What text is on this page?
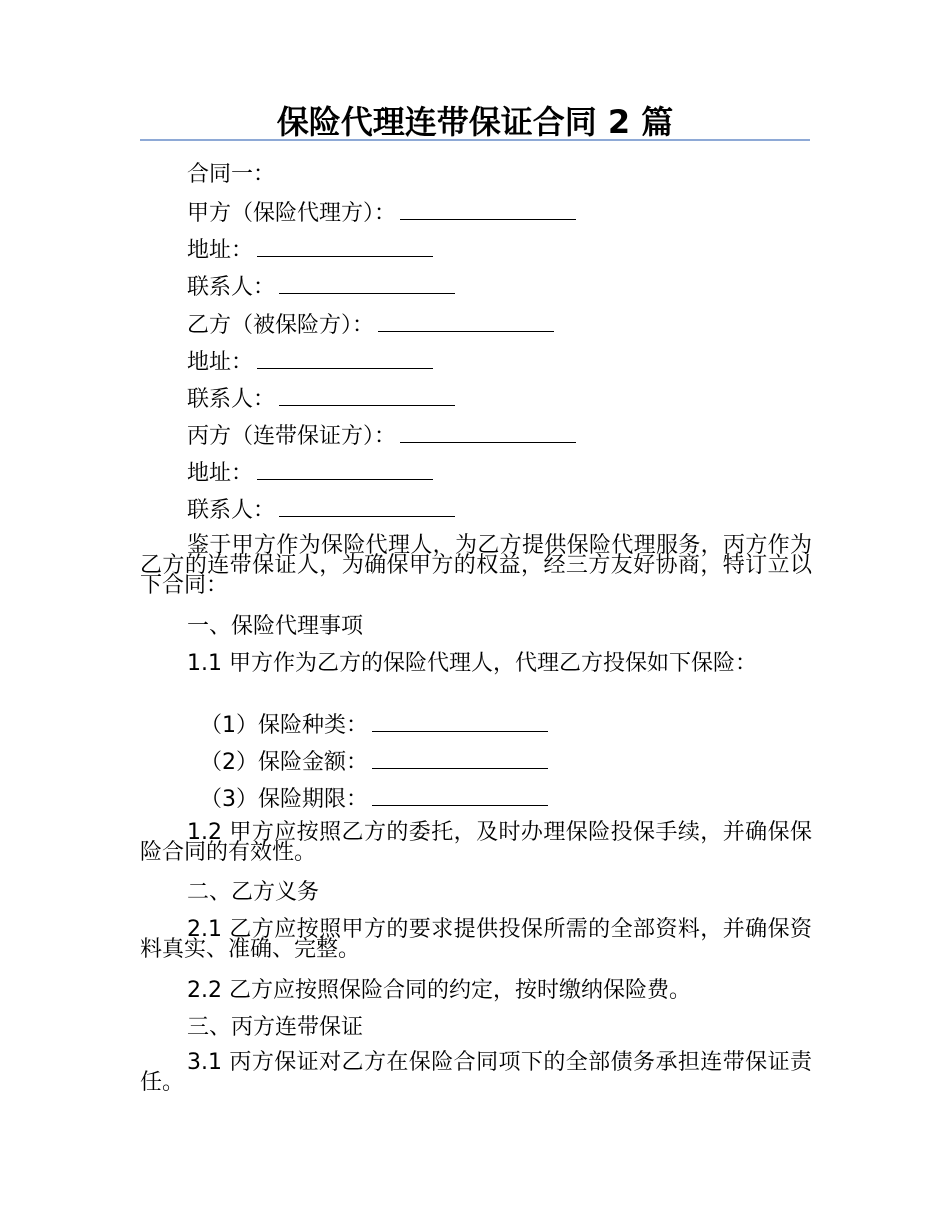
保险代理连带保证合同 2 篇
合同一：
甲方（保险代理方）：
地址：
联系人：
乙方（被保险方）：
地址：
联系人：
丙方（连带保证方）：
地址：
联系人：
鉴于甲方作为保险代理人，为乙方提供保险代理服务，丙方作为乙方的连带保证人，为确保甲方的权益，经三方友好协商，特订立以下合同：
一、保险代理事项
1.1 甲方作为乙方的保险代理人，代理乙方投保如下保险：
（1）保险种类：
（2）保险金额：
（3）保险期限：
1.2 甲方应按照乙方的委托，及时办理保险投保手续，并确保保险合同的有效性。
二、乙方义务
2.1 乙方应按照甲方的要求提供投保所需的全部资料，并确保资料真实、准确、完整。
2.2 乙方应按照保险合同的约定，按时缴纳保险费。
三、丙方连带保证
3.1 丙方保证对乙方在保险合同项下的全部债务承担连带保证责任。
